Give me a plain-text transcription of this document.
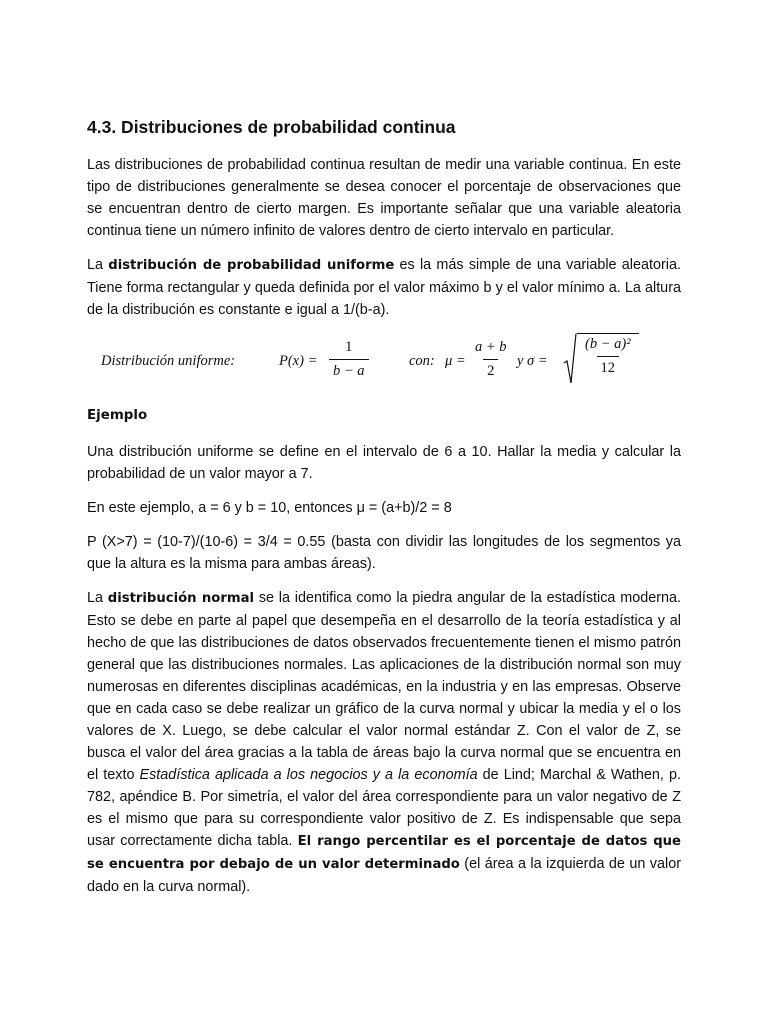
4.3. Distribuciones de probabilidad continua

Las distribuciones de probabilidad continua resultan de medir una variable continua. En este tipo de distribuciones generalmente se desea conocer el porcentaje de observaciones que se encuentran dentro de cierto margen. Es importante señalar que una variable aleatoria continua tiene un número infinito de valores dentro de cierto intervalo en particular.

La distribución de probabilidad uniforme es la más simple de una variable aleatoria. Tiene forma rectangular y queda definida por el valor máximo b y el valor mínimo a. La altura de la distribución es constante e igual a 1/(b-a).

Distribución uniforme:	$P(x) = \frac{1}{b - a}$	con: $\mu = \frac{a + b}{2}$ y $\sigma = \frac{\text{(b − a)²}}{12}$
Ejemplo

Una distribución uniforme se define en el intervalo de 6 a 10. Hallar la media y calcular la probabilidad de un valor mayor a 7.

En este ejemplo, a = 6 y b = 10, entonces μ = (a+b)/2 = 8

P (X>7) = (10-7)/(10-6) = 3/4 = 0.55 (basta con dividir las longitudes de los segmentos ya que la altura es la misma para ambas áreas).

La distribución normal se la identifica como la piedra angular de la estadística moderna. Esto se debe en parte al papel que desempeña en el desarrollo de la teoría estadística y al hecho de que las distribuciones de datos observados frecuentemente tienen el mismo patrón general que las distribuciones normales. Las aplicaciones de la distribución normal son muy numerosas en diferentes disciplinas académicas, en la industria y en las empresas. Observe que en cada caso se debe realizar un gráfico de la curva normal y ubicar la media y el o los valores de X. Luego, se debe calcular el valor normal estándar Z. Con el valor de Z, se busca el valor del área gracias a la tabla de áreas bajo la curva normal que se encuentra en el texto Estadística aplicada a los negocios y a la economía de Lind; Marchal & Wathen, p. 782, apéndice B. Por simetría, el valor del área correspondiente para un valor negativo de Z es el mismo que para su correspondiente valor positivo de Z. Es indispensable que sepa usar correctamente dicha tabla. El rango percentilar es el porcentaje de datos que se encuentra por debajo de un valor determinado (el área a la izquierda de un valor dado en la curva normal).
